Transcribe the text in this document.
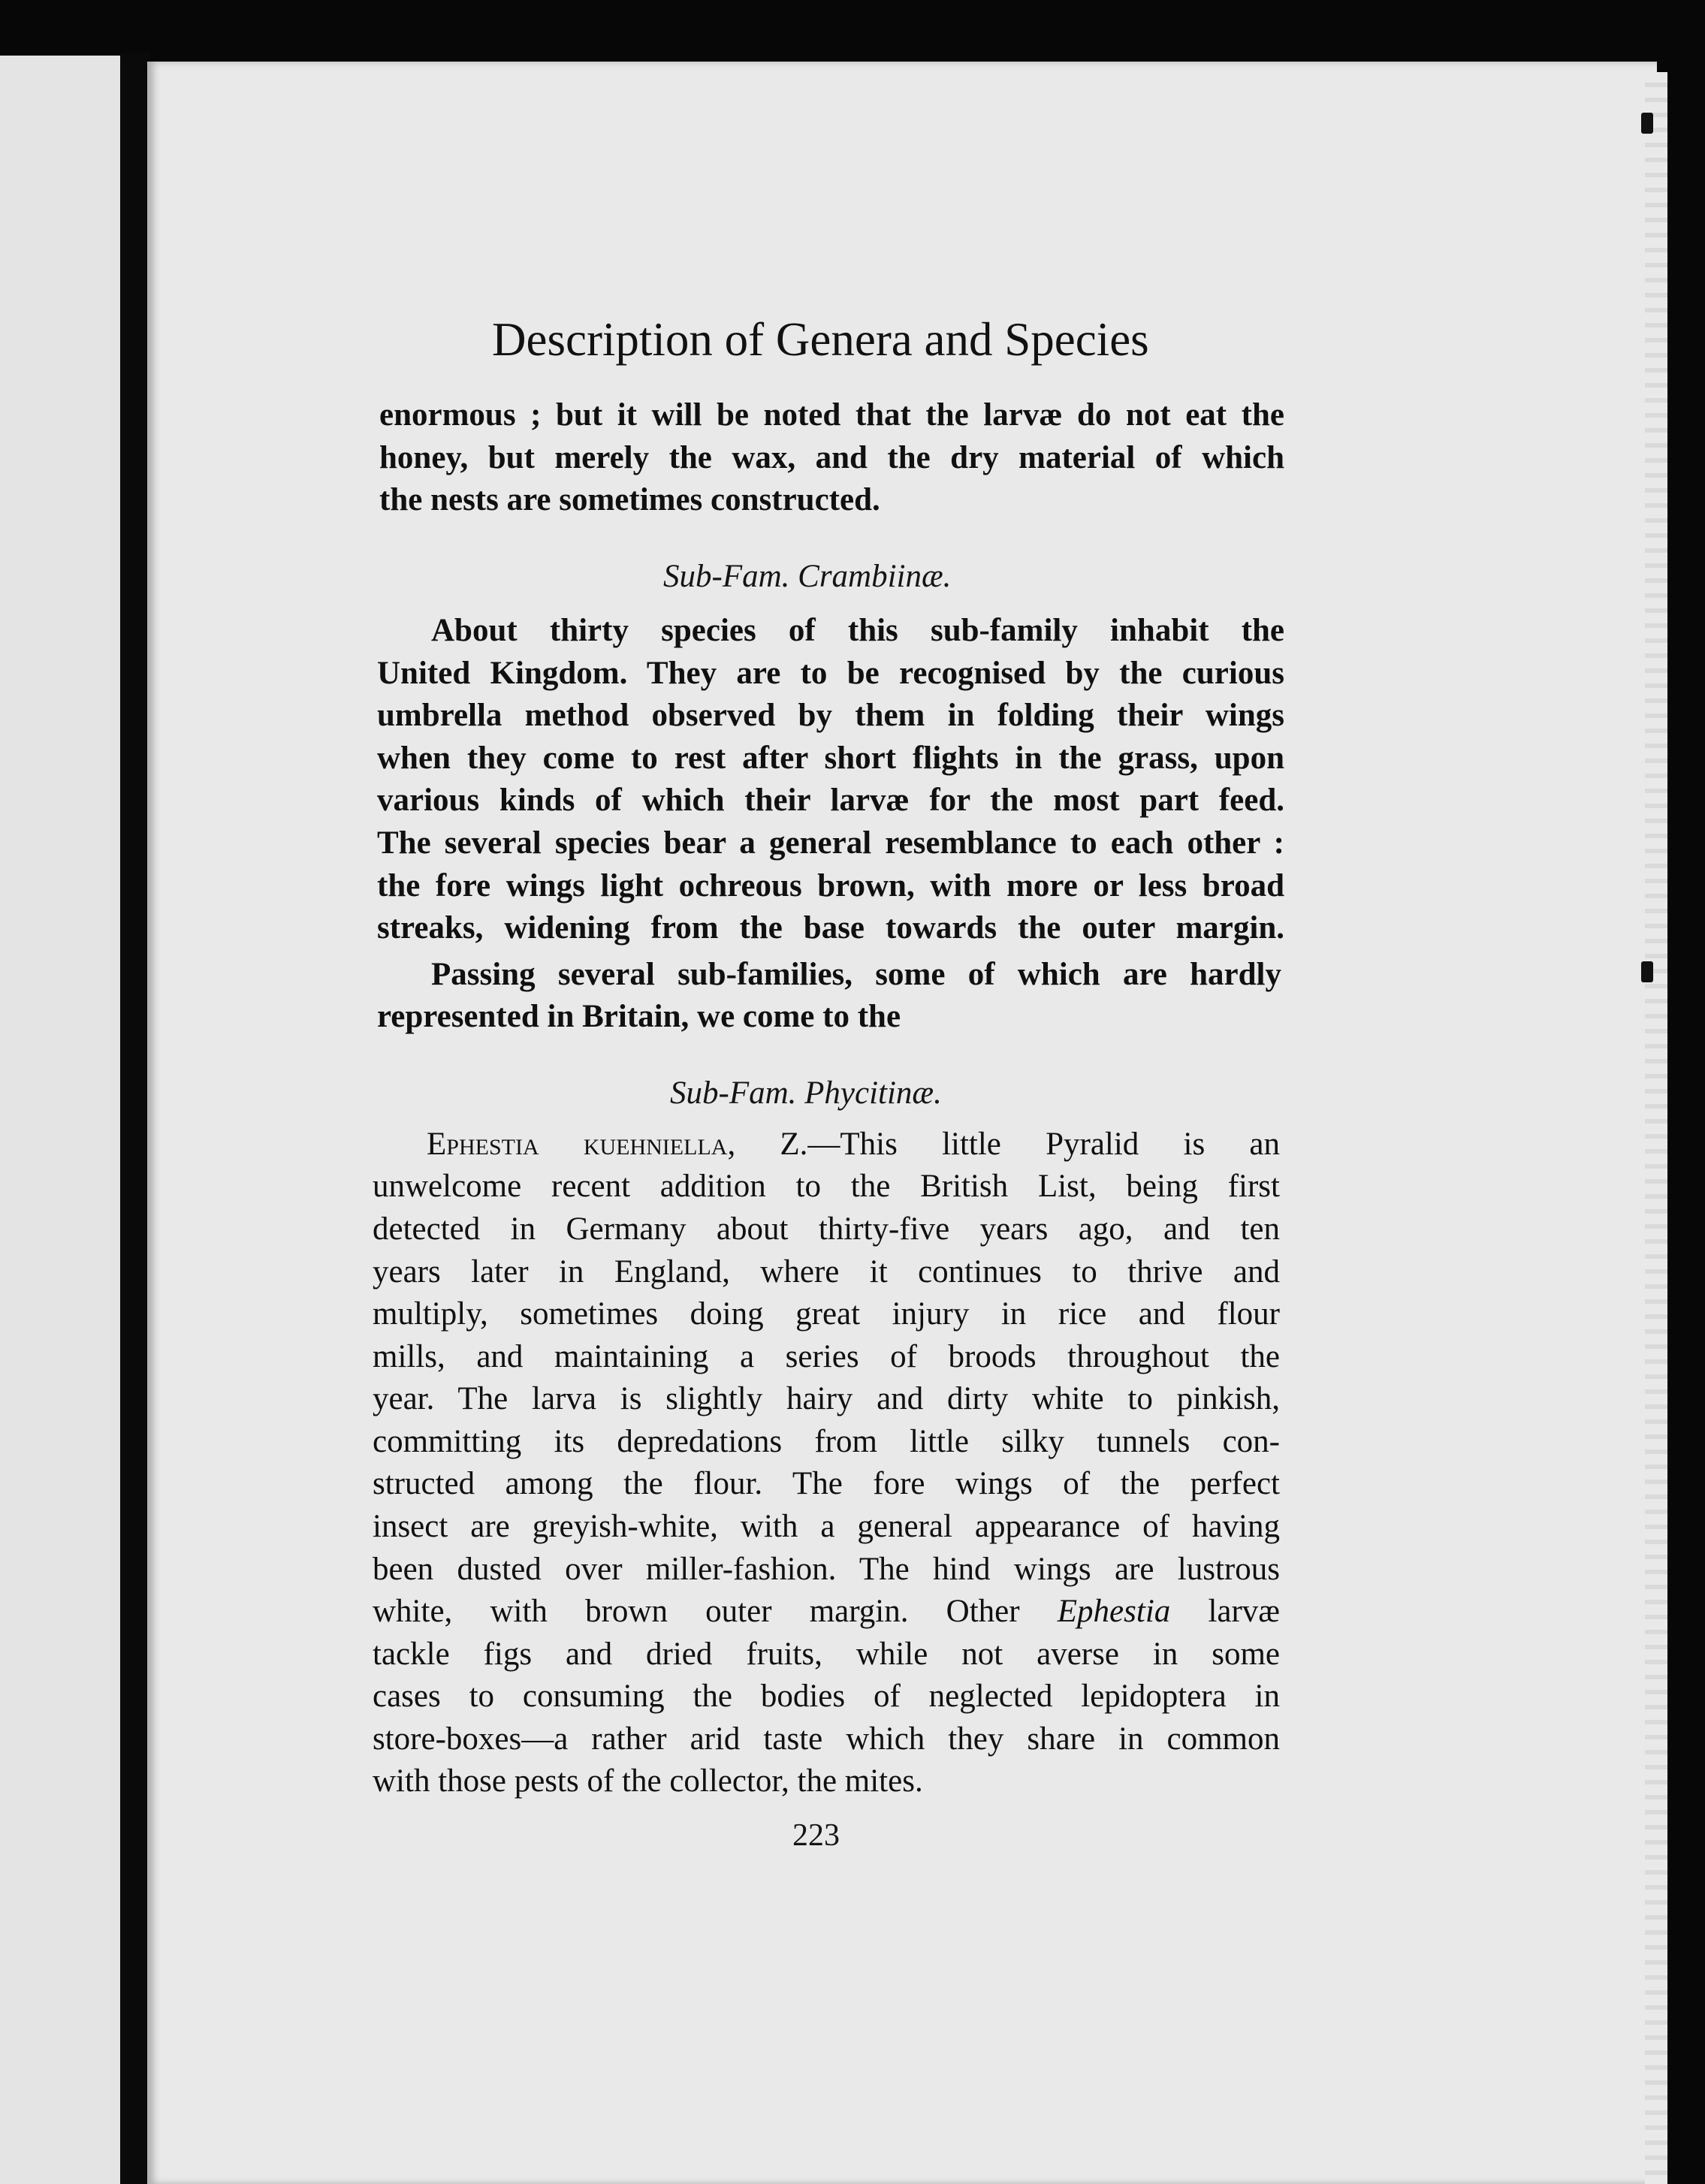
Description of Genera and Species

enormous ; but it will be noted that the larvæ do not eat the

honey, but merely the wax, and the dry material of which

the nests are sometimes constructed.

Sub-Fam. Crambiinæ.

About thirty species of this sub-family inhabit the

United Kingdom. They are to be recognised by the curious

umbrella method observed by them in folding their wings

when they come to rest after short flights in the grass, upon

various kinds of which their larvæ for the most part feed.

The several species bear a general resemblance to each other :

the fore wings light ochreous brown, with more or less broad

streaks, widening from the base towards the outer margin.

Passing several sub-families, some of which are hardly

represented in Britain, we come to the

Sub-Fam. Phycitinæ.

Ephestia kuehniella, Z.—This little Pyralid is an

unwelcome recent addition to the British List, being first

detected in Germany about thirty-five years ago, and ten

years later in England, where it continues to thrive and

multiply, sometimes doing great injury in rice and flour

mills, and maintaining a series of broods throughout the

year. The larva is slightly hairy and dirty white to pinkish,

committing its depredations from little silky tunnels con-

structed among the flour. The fore wings of the perfect

insect are greyish-white, with a general appearance of having

been dusted over miller-fashion. The hind wings are lustrous

white, with brown outer margin. Other Ephestia larvæ

tackle figs and dried fruits, while not averse in some

cases to consuming the bodies of neglected lepidoptera in

store-boxes—a rather arid taste which they share in common

with those pests of the collector, the mites.

223
